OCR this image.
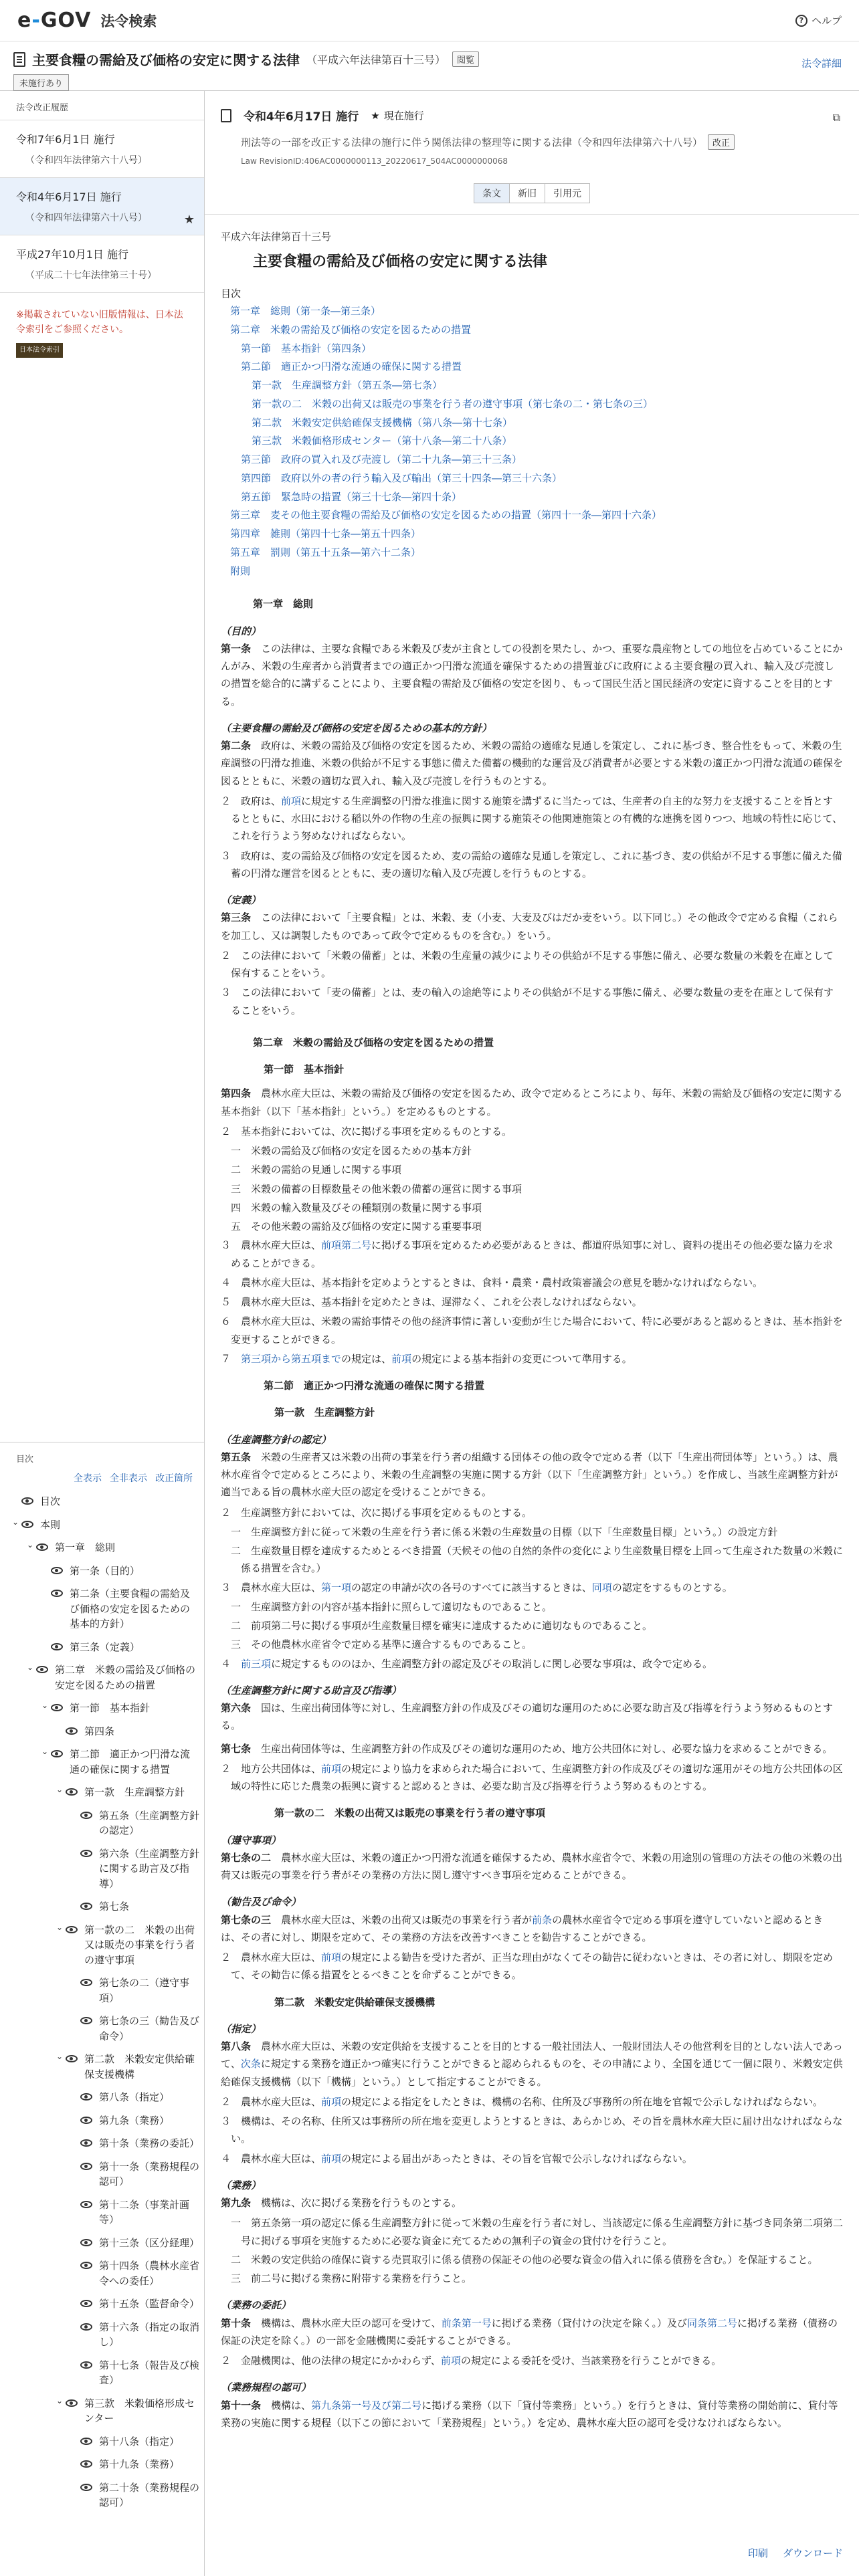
e-GOV 法令検索	? ヘルプ
主要食糧の需給及び価格の安定に関する法律 （平成六年法律第百十三号）	閲覧
未施行あり
法令詳細
法令改正履歴
令和7年6月1日 施行
（令和四年法律第六十八号）
令和4年6月17日 施行
（令和四年法律第六十八号）	★
平成27年10月1日 施行
（平成二十七年法律第三十号）
※掲載されていない旧版情報は、日本法令索引をご参照ください。
日本法令索引
目次
全表示 全非表示 改正箇所
目次
⌄	本則
⌄	第一章　総則
第一条（目的）
第二条（主要食糧の需給及び価格の安定を図るための基本的方針）
第三条（定義）
⌄	第二章　米穀の需給及び価格の安定を図るための措置
⌄	第一節　基本指針
第四条
⌄	第二節　適正かつ円滑な流通の確保に関する措置
⌄	第一款　生産調整方針
第五条（生産調整方針の認定）
第六条（生産調整方針に関する助言及び指導）
第七条
⌄	第一款の二　米穀の出荷又は販売の事業を行う者の遵守事項
第七条の二（遵守事項）
第七条の三（勧告及び命令）
⌄	第二款　米穀安定供給確保支援機構
第八条（指定）
第九条（業務）
第十条（業務の委託）
第十一条（業務規程の認可）
第十二条（事業計画等）
第十三条（区分経理）
第十四条（農林水産省令への委任）
第十五条（監督命令）
第十六条（指定の取消し）
第十七条（報告及び検査）
⌄	第三款　米穀価格形成センター
第十八条（指定）
第十九条（業務）
第二十条（業務規程の認可）
令和4年6月17日 施行 ★ 現在施行	⧉
刑法等の一部を改正する法律の施行に伴う関係法律の整理等に関する法律（令和四年法律第六十八号）	改正
Law RevisionID:406AC0000000113_20220617_504AC0000000068
条文	新旧	引用元
平成六年法律第百十三号
主要食糧の需給及び価格の安定に関する法律
目次
第一章　総則（第一条―第三条）
第二章　米穀の需給及び価格の安定を図るための措置
第一節　基本指針（第四条）
第二節　適正かつ円滑な流通の確保に関する措置
第一款　生産調整方針（第五条―第七条）
第一款の二　米穀の出荷又は販売の事業を行う者の遵守事項（第七条の二・第七条の三）
第二款　米穀安定供給確保支援機構（第八条―第十七条）
第三款　米穀価格形成センター（第十八条―第二十八条）
第三節　政府の買入れ及び売渡し（第二十九条―第三十三条）
第四節　政府以外の者の行う輸入及び輸出（第三十四条―第三十六条）
第五節　緊急時の措置（第三十七条―第四十条）
第三章　麦その他主要食糧の需給及び価格の安定を図るための措置（第四十一条―第四十六条）
第四章　雑則（第四十七条―第五十四条）
第五章　罰則（第五十五条―第六十二条）
附則
第一章　総則
（目的）
第一条　 この法律は、主要な食糧である米穀及び麦が主食としての役割を果たし、かつ、重要な農産物としての地位を占めていることにかんがみ、米穀の生産者から消費者までの適正かつ円滑な流通を確保するための措置並びに政府による主要食糧の買入れ、輸入及び売渡しの措置を総合的に講ずることにより、主要食糧の需給及び価格の安定を図り、もって国民生活と国民経済の安定に資することを目的とする。
（主要食糧の需給及び価格の安定を図るための基本的方針）
第二条　 政府は、米穀の需給及び価格の安定を図るため、米穀の需給の適確な見通しを策定し、これに基づき、整合性をもって、米穀の生産調整の円滑な推進、米穀の供給が不足する事態に備えた備蓄の機動的な運営及び消費者が必要とする米穀の適正かつ円滑な流通の確保を図るとともに、米穀の適切な買入れ、輸入及び売渡しを行うものとする。
２　政府は、前項に規定する生産調整の円滑な推進に関する施策を講ずるに当たっては、生産者の自主的な努力を支援することを旨とするとともに、水田における稲以外の作物の生産の振興に関する施策その他関連施策との有機的な連携を図りつつ、地域の特性に応じて、これを行うよう努めなければならない。
３　政府は、麦の需給及び価格の安定を図るため、麦の需給の適確な見通しを策定し、これに基づき、麦の供給が不足する事態に備えた備蓄の円滑な運営を図るとともに、麦の適切な輸入及び売渡しを行うものとする。
（定義）
第三条　 この法律において「主要食糧」とは、米穀、麦（小麦、大麦及びはだか麦をいう。以下同じ。）その他政令で定める食糧（これらを加工し、又は調製したものであって政令で定めるものを含む。）をいう。
２　この法律において「米穀の備蓄」とは、米穀の生産量の減少によりその供給が不足する事態に備え、必要な数量の米穀を在庫として保有することをいう。
３　この法律において「麦の備蓄」とは、麦の輸入の途絶等によりその供給が不足する事態に備え、必要な数量の麦を在庫として保有することをいう。
第二章　米穀の需給及び価格の安定を図るための措置
第一節　基本指針
第四条　 農林水産大臣は、米穀の需給及び価格の安定を図るため、政令で定めるところにより、毎年、米穀の需給及び価格の安定に関する基本指針（以下「基本指針」という。）を定めるものとする。
２　基本指針においては、次に掲げる事項を定めるものとする。
一　米穀の需給及び価格の安定を図るための基本方針
二　米穀の需給の見通しに関する事項
三　米穀の備蓄の目標数量その他米穀の備蓄の運営に関する事項
四　米穀の輸入数量及びその種類別の数量に関する事項
五　その他米穀の需給及び価格の安定に関する重要事項
３　農林水産大臣は、前項第二号に掲げる事項を定めるため必要があるときは、都道府県知事に対し、資料の提出その他必要な協力を求めることができる。
４　農林水産大臣は、基本指針を定めようとするときは、食料・農業・農村政策審議会の意見を聴かなければならない。
５　農林水産大臣は、基本指針を定めたときは、遅滞なく、これを公表しなければならない。
６　農林水産大臣は、米穀の需給事情その他の経済事情に著しい変動が生じた場合において、特に必要があると認めるときは、基本指針を変更することができる。
７　第三項から第五項までの規定は、前項の規定による基本指針の変更について準用する。
第二節　適正かつ円滑な流通の確保に関する措置
第一款　生産調整方針
（生産調整方針の認定）
第五条　 米穀の生産者又は米穀の出荷の事業を行う者の組織する団体その他の政令で定める者（以下「生産出荷団体等」という。）は、農林水産省令で定めるところにより、米穀の生産調整の実施に関する方針（以下「生産調整方針」という。）を作成し、当該生産調整方針が適当である旨の農林水産大臣の認定を受けることができる。
２　生産調整方針においては、次に掲げる事項を定めるものとする。
一　生産調整方針に従って米穀の生産を行う者に係る米穀の生産数量の目標（以下「生産数量目標」という。）の設定方針
二　生産数量目標を達成するためとるべき措置（天候その他の自然的条件の変化により生産数量目標を上回って生産された数量の米穀に係る措置を含む。）
３　農林水産大臣は、第一項の認定の申請が次の各号のすべてに該当するときは、同項の認定をするものとする。
一　生産調整方針の内容が基本指針に照らして適切なものであること。
二　前項第二号に掲げる事項が生産数量目標を確実に達成するために適切なものであること。
三　その他農林水産省令で定める基準に適合するものであること。
４　前三項に規定するもののほか、生産調整方針の認定及びその取消しに関し必要な事項は、政令で定める。
（生産調整方針に関する助言及び指導）
第六条　 国は、生産出荷団体等に対し、生産調整方針の作成及びその適切な運用のために必要な助言及び指導を行うよう努めるものとする。
第七条　 生産出荷団体等は、生産調整方針の作成及びその適切な運用のため、地方公共団体に対し、必要な協力を求めることができる。
２　地方公共団体は、前項の規定により協力を求められた場合において、生産調整方針の作成及びその適切な運用がその地方公共団体の区域の特性に応じた農業の振興に資すると認めるときは、必要な助言及び指導を行うよう努めるものとする。
第一款の二　米穀の出荷又は販売の事業を行う者の遵守事項
（遵守事項）
第七条の二　 農林水産大臣は、米穀の適正かつ円滑な流通を確保するため、農林水産省令で、米穀の用途別の管理の方法その他の米穀の出荷又は販売の事業を行う者がその業務の方法に関し遵守すべき事項を定めることができる。
（勧告及び命令）
第七条の三　 農林水産大臣は、米穀の出荷又は販売の事業を行う者が前条の農林水産省令で定める事項を遵守していないと認めるときは、その者に対し、期限を定めて、その業務の方法を改善すべきことを勧告することができる。
２　農林水産大臣は、前項の規定による勧告を受けた者が、正当な理由がなくてその勧告に従わないときは、その者に対し、期限を定めて、その勧告に係る措置をとるべきことを命ずることができる。
第二款　米穀安定供給確保支援機構
（指定）
第八条　 農林水産大臣は、米穀の安定供給を支援することを目的とする一般社団法人、一般財団法人その他営利を目的としない法人であって、次条に規定する業務を適正かつ確実に行うことができると認められるものを、その申請により、全国を通じて一個に限り、米穀安定供給確保支援機構（以下「機構」という。）として指定することができる。
２　農林水産大臣は、前項の規定による指定をしたときは、機構の名称、住所及び事務所の所在地を官報で公示しなければならない。
３　機構は、その名称、住所又は事務所の所在地を変更しようとするときは、あらかじめ、その旨を農林水産大臣に届け出なければならない。
４　農林水産大臣は、前項の規定による届出があったときは、その旨を官報で公示しなければならない。
（業務）
第九条　 機構は、次に掲げる業務を行うものとする。
一　第五条第一項の認定に係る生産調整方針に従って米穀の生産を行う者に対し、当該認定に係る生産調整方針に基づき同条第二項第二号に掲げる事項を実施するために必要な資金に充てるための無利子の資金の貸付けを行うこと。
二　米穀の安定供給の確保に資する売買取引に係る債務の保証その他の必要な資金の借入れに係る債務を含む。）を保証すること。
三　前二号に掲げる業務に附帯する業務を行うこと。
（業務の委託）
第十条　 機構は、農林水産大臣の認可を受けて、前条第一号に掲げる業務（貸付けの決定を除く。）及び同条第二号に掲げる業務（債務の保証の決定を除く。）の一部を金融機関に委託することができる。
２　金融機関は、他の法律の規定にかかわらず、前項の規定による委託を受け、当該業務を行うことができる。
（業務規程の認可）
第十一条　 機構は、第九条第一号及び第二号に掲げる業務（以下「貸付等業務」という。）を行うときは、貸付等業務の開始前に、貸付等業務の実施に関する規程（以下この節において「業務規程」という。）を定め、農林水産大臣の認可を受けなければならない。
印刷 ダウンロード
